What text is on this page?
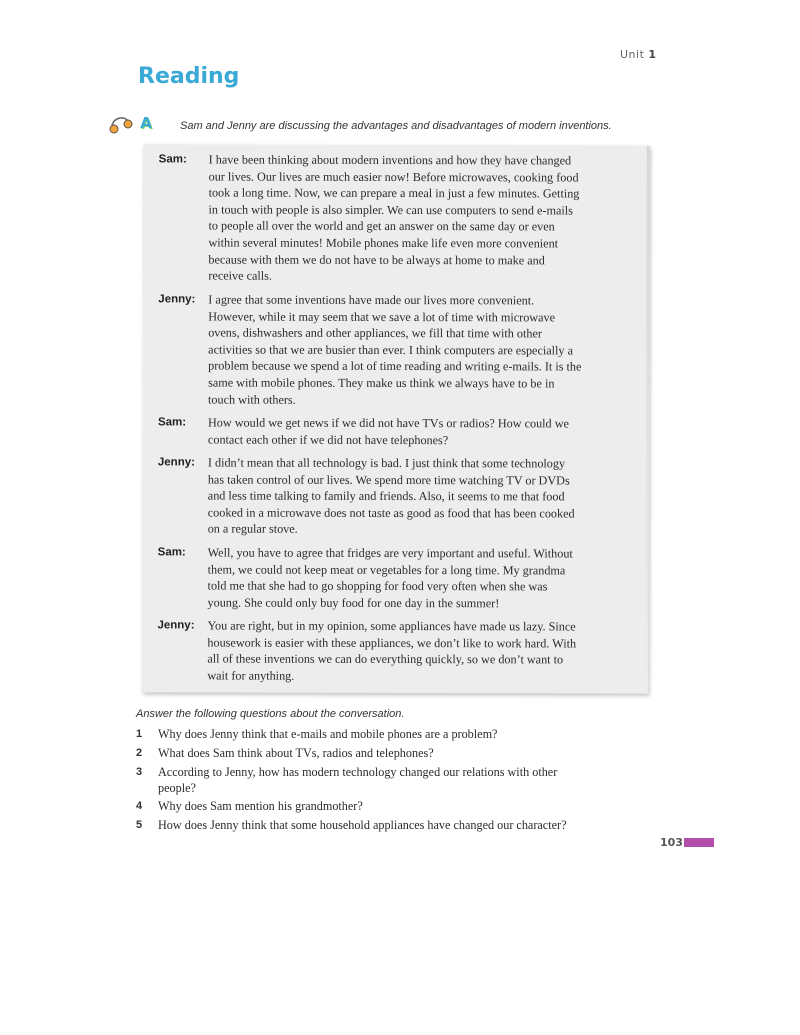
Unit 1
Reading
A	Sam and Jenny are discussing the advantages and disadvantages of modern inventions.
Sam: I have been thinking about modern inventions and how they have changed
our lives. Our lives are much easier now! Before microwaves, cooking food
took a long time. Now, we can prepare a meal in just a few minutes. Getting
in touch with people is also simpler. We can use computers to send e-mails
to people all over the world and get an answer on the same day or even
within several minutes! Mobile phones make life even more convenient
because with them we do not have to be always at home to make and
receive calls.
Jenny: I agree that some inventions have made our lives more convenient.
However, while it may seem that we save a lot of time with microwave
ovens, dishwashers and other appliances, we fill that time with other
activities so that we are busier than ever. I think computers are especially a
problem because we spend a lot of time reading and writing e-mails. It is the
same with mobile phones. They make us think we always have to be in
touch with others.
Sam: How would we get news if we did not have TVs or radios? How could we
contact each other if we did not have telephones?
Jenny: I didn’t mean that all technology is bad. I just think that some technology
has taken control of our lives. We spend more time watching TV or DVDs
and less time talking to family and friends. Also, it seems to me that food
cooked in a microwave does not taste as good as food that has been cooked
on a regular stove.
Sam: Well, you have to agree that fridges are very important and useful. Without
them, we could not keep meat or vegetables for a long time. My grandma
told me that she had to go shopping for food very often when she was
young. She could only buy food for one day in the summer!
Jenny: You are right, but in my opinion, some appliances have made us lazy. Since
housework is easier with these appliances, we don’t like to work hard. With
all of these inventions we can do everything quickly, so we don’t want to
wait for anything.
Answer the following questions about the conversation.
1 Why does Jenny think that e-mails and mobile phones are a problem?
2 What does Sam think about TVs, radios and telephones?
3 According to Jenny, how has modern technology changed our relations with other
people?
4 Why does Sam mention his grandmother?
5 How does Jenny think that some household appliances have changed our character?
103
